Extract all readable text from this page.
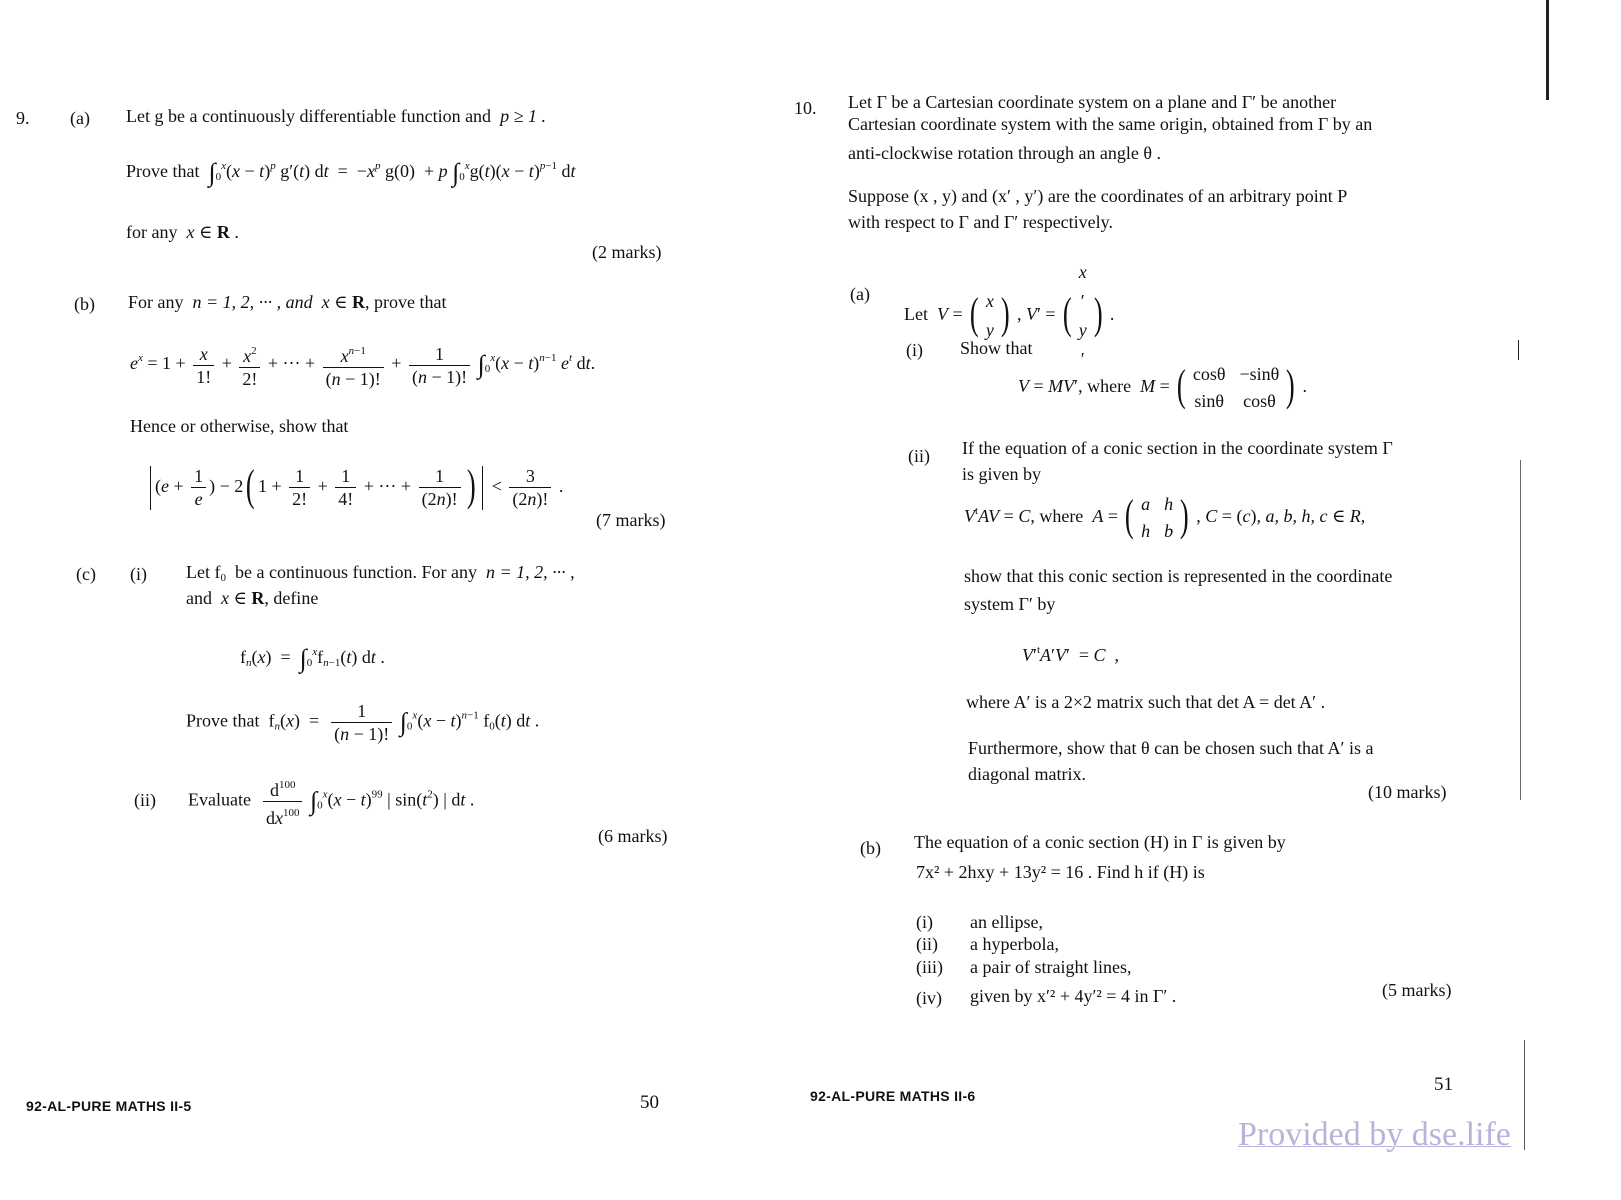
9. (a) Let g be a continuously differentiable function and p ≥ 1 .
Prove that $\int_0^x(x - t)^p$ g′(t) dt  =  $-x^p$ g(0)  + p $\int_0^xg(t)(x - t)^{p-1}$ dt
for any x ∈ R .
(2 marks)
(b) For any n = 1, 2, ··· , and x ∈ R, prove that
$e^x = 1 + \frac{x}{1!} + \frac{x^2}{2!}$ + ··· + $\frac{x^{n-1}}{(n - 1)!} + \frac{1}{(n - 1)!} \int_0^x(x - t)^{n-1}$ $e^t$ dt.
Hence or otherwise, show that
($e + \frac{1}{e}$ ) − 2( $1 + \frac{1}{2!} + \frac{1}{4!}$ + ··· + $\frac{1}{(2n)!}$ ) < $\frac{3}{(2n)!}$ .
(7 marks)
(c) (i) Let $f_0$ be a continuous function. For any n = 1, 2, ··· ,
and x ∈ R, define
$f_n(x) = \int_0^xf_{n-1}(t)$ dt .
Prove that  $f_n(x) = \frac{1}{(n - 1)!} \int_0^x(x - t)^{n-1}$ $f_0(t)$ dt .
(ii) Evaluate $\frac{d^{100}}{dx^{100}} \int_0^x(x - t)^{99}$ | $\sin(t^2)$ | dt .
(6 marks)
92-AL-PURE MATHS II-5	50
10. Let Γ be a Cartesian coordinate system on a plane and Γ′ be another
Cartesian coordinate system with the same origin, obtained from Γ by an
anti-clockwise rotation through an angle θ .
Suppose (x , y) and (x′ , y′) are the coordinates of an arbitrary point P
with respect to Γ and Γ′ respectively.
(a)
Let V = ( x
y ) , V′ = (
x
′
y
′) .
(i) Show that
V = MV′, where M = ( cosθ −sinθ
sinθ cosθ ) .
(ii) If the equation of a conic section in the coordinate system Γ
is given by
$V^tAV = C$, where A = ( a h
h b ) , C = (c), a, b, h, c ∈ R,
show that this conic section is represented in the coordinate
system Γ′ by
$V'^tA'V' = C$  ,
where A′ is a 2×2 matrix such that det A = det A′ .
Furthermore, show that θ can be chosen such that A′ is a
diagonal matrix.
(10 marks)
(b) The equation of a conic section (H) in Γ is given by
7x² + 2hxy + 13y² = 16 . Find h if (H) is
(i) an ellipse,
(ii) a hyperbola,
(iii) a pair of straight lines,
(iv) given by x′² + 4y′² = 4 in Γ′ .	(5 marks)
92-AL-PURE MATHS II-6
51
Provided by dse.life
